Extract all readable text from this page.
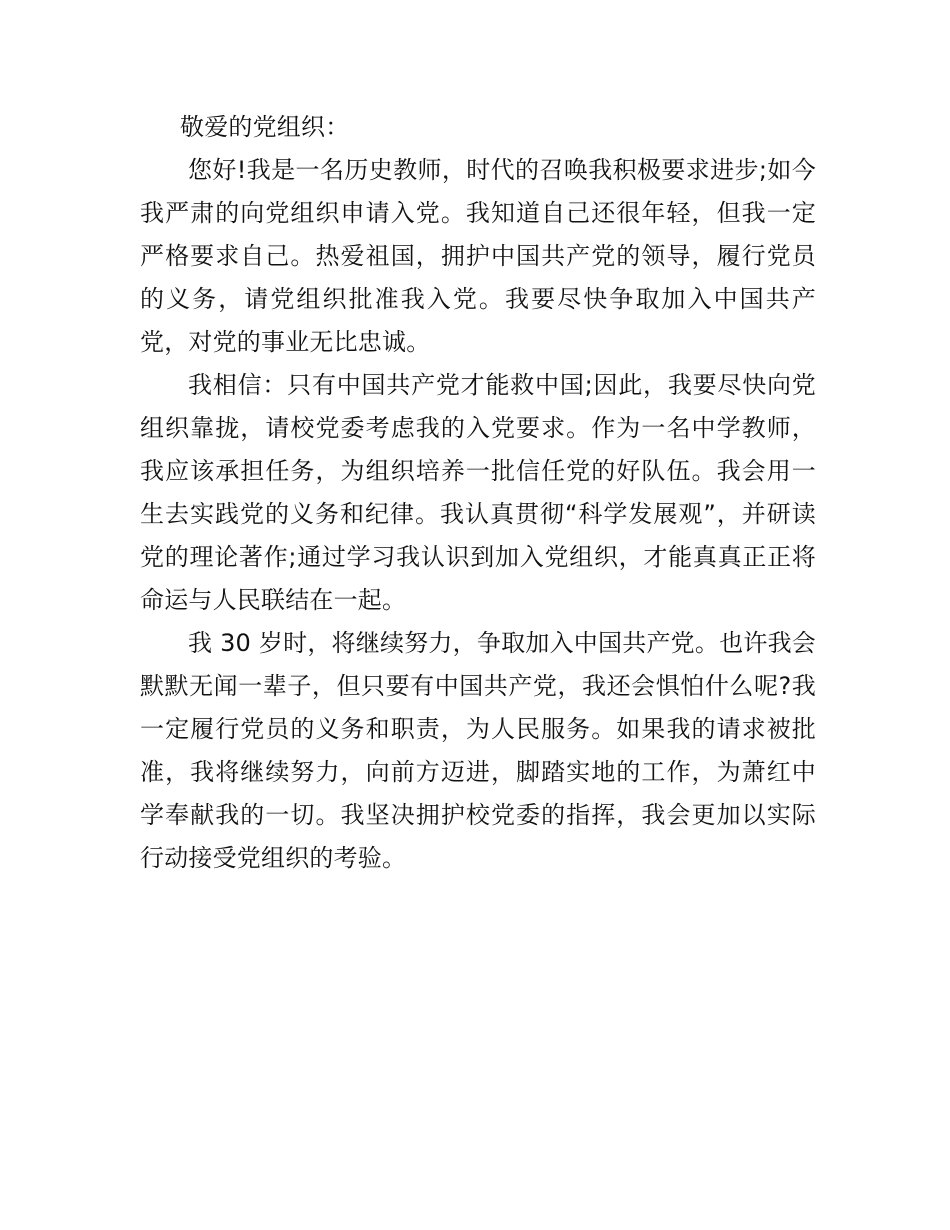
敬爱的党组织：

您好!我是一名历史教师，时代的召唤我积极要求进步;如今我严肃的向党组织申请入党。我知道自己还很年轻，但我一定严格要求自己。热爱祖国，拥护中国共产党的领导，履行党员的义务，请党组织批准我入党。我要尽快争取加入中国共产党，对党的事业无比忠诚。

我相信：只有中国共产党才能救中国;因此，我要尽快向党组织靠拢，请校党委考虑我的入党要求。作为一名中学教师，我应该承担任务，为组织培养一批信任党的好队伍。我会用一生去实践党的义务和纪律。我认真贯彻“科学发展观”，并研读党的理论著作;通过学习我认识到加入党组织，才能真真正正将命运与人民联结在一起。

我 30 岁时，将继续努力，争取加入中国共产党。也许我会默默无闻一辈子，但只要有中国共产党，我还会惧怕什么呢?我一定履行党员的义务和职责，为人民服务。如果我的请求被批准，我将继续努力，向前方迈进，脚踏实地的工作，为萧红中学奉献我的一切。我坚决拥护校党委的指挥，我会更加以实际行动接受党组织的考验。
